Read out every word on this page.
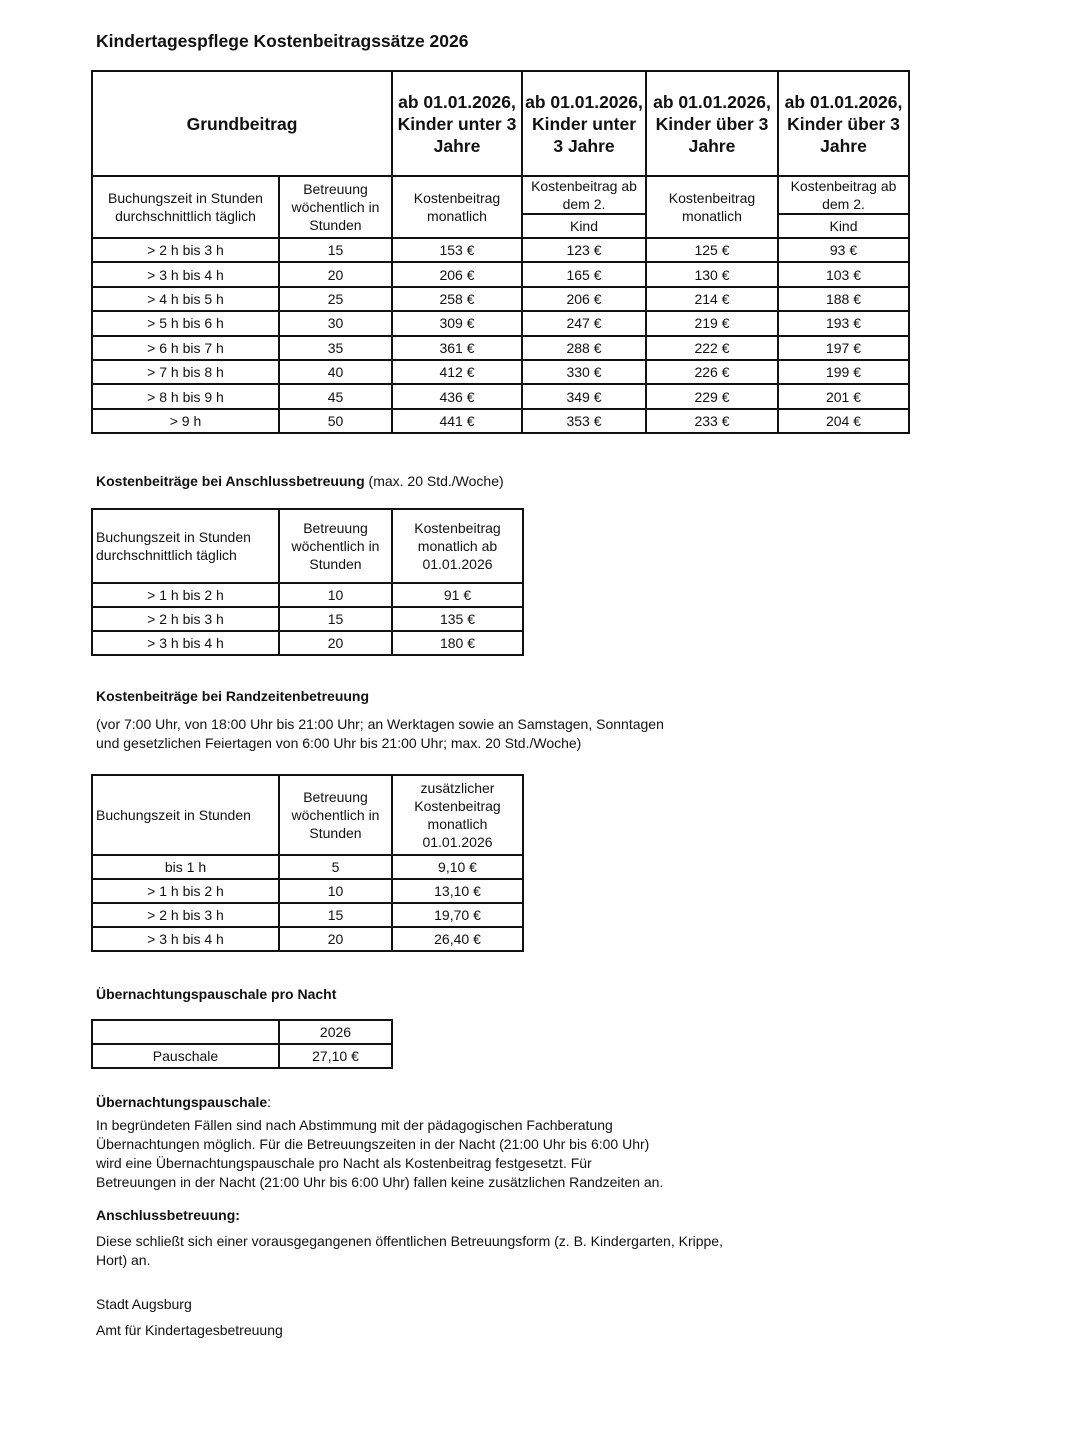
Kindertagespflege Kostenbeitragssätze 2026
Grundbeitrag		ab 01.01.2026, Kinder unter 3 Jahre	ab 01.01.2026, Kinder unter 3 Jahre	ab 01.01.2026, Kinder über 3 Jahre	ab 01.01.2026, Kinder über 3 Jahre
Buchungszeit in Stunden durchschnittlich täglich	Betreuung wöchentlich in Stunden	Kostenbeitrag monatlich	Kostenbeitrag ab dem 2.	Kostenbeitrag monatlich	Kostenbeitrag ab dem 2.
			Kind		Kind
> 2 h bis 3 h	15	153 €	123 €	125 €	93 €
> 3 h bis 4 h	20	206 €	165 €	130 €	103 €
> 4 h bis 5 h	25	258 €	206 €	214 €	188 €
> 5 h bis 6 h	30	309 €	247 €	219 €	193 €
> 6 h bis 7 h	35	361 €	288 €	222 €	197 €
> 7 h bis 8 h	40	412 €	330 €	226 €	199 €
> 8 h bis 9 h	45	436 €	349 €	229 €	201 €
> 9 h	50	441 €	353 €	233 €	204 €
Kostenbeiträge bei Anschlussbetreuung (max. 20 Std./Woche)
Buchungszeit in Stunden durchschnittlich täglich	Betreuung wöchentlich in Stunden	Kostenbeitrag monatlich ab 01.01.2026
> 1 h bis 2 h	10	91 €
> 2 h bis 3 h	15	135 €
> 3 h bis 4 h	20	180 €
Kostenbeiträge bei Randzeitenbetreuung
(vor 7:00 Uhr, von 18:00 Uhr bis 21:00 Uhr; an Werktagen sowie an Samstagen, Sonntagen
und gesetzlichen Feiertagen von 6:00 Uhr bis 21:00 Uhr; max. 20 Std./Woche)
Buchungszeit in Stunden	Betreuung wöchentlich in Stunden	zusätzlicher Kostenbeitrag monatlich 01.01.2026
bis 1 h	5	9,10 €
> 1 h bis 2 h	10	13,10 €
> 2 h bis 3 h	15	19,70 €
> 3 h bis 4 h	20	26,40 €
Übernachtungspauschale pro Nacht
	2026
Pauschale	27,10 €
Übernachtungspauschale:
In begründeten Fällen sind nach Abstimmung mit der pädagogischen Fachberatung
Übernachtungen möglich. Für die Betreuungszeiten in der Nacht (21:00 Uhr bis 6:00 Uhr)
wird eine Übernachtungspauschale pro Nacht als Kostenbeitrag festgesetzt. Für
Betreuungen in der Nacht (21:00 Uhr bis 6:00 Uhr) fallen keine zusätzlichen Randzeiten an.
Anschlussbetreuung:
Diese schließt sich einer vorausgegangenen öffentlichen Betreuungsform (z. B. Kindergarten, Krippe,
Hort) an.
Stadt Augsburg
Amt für Kindertagesbetreuung
